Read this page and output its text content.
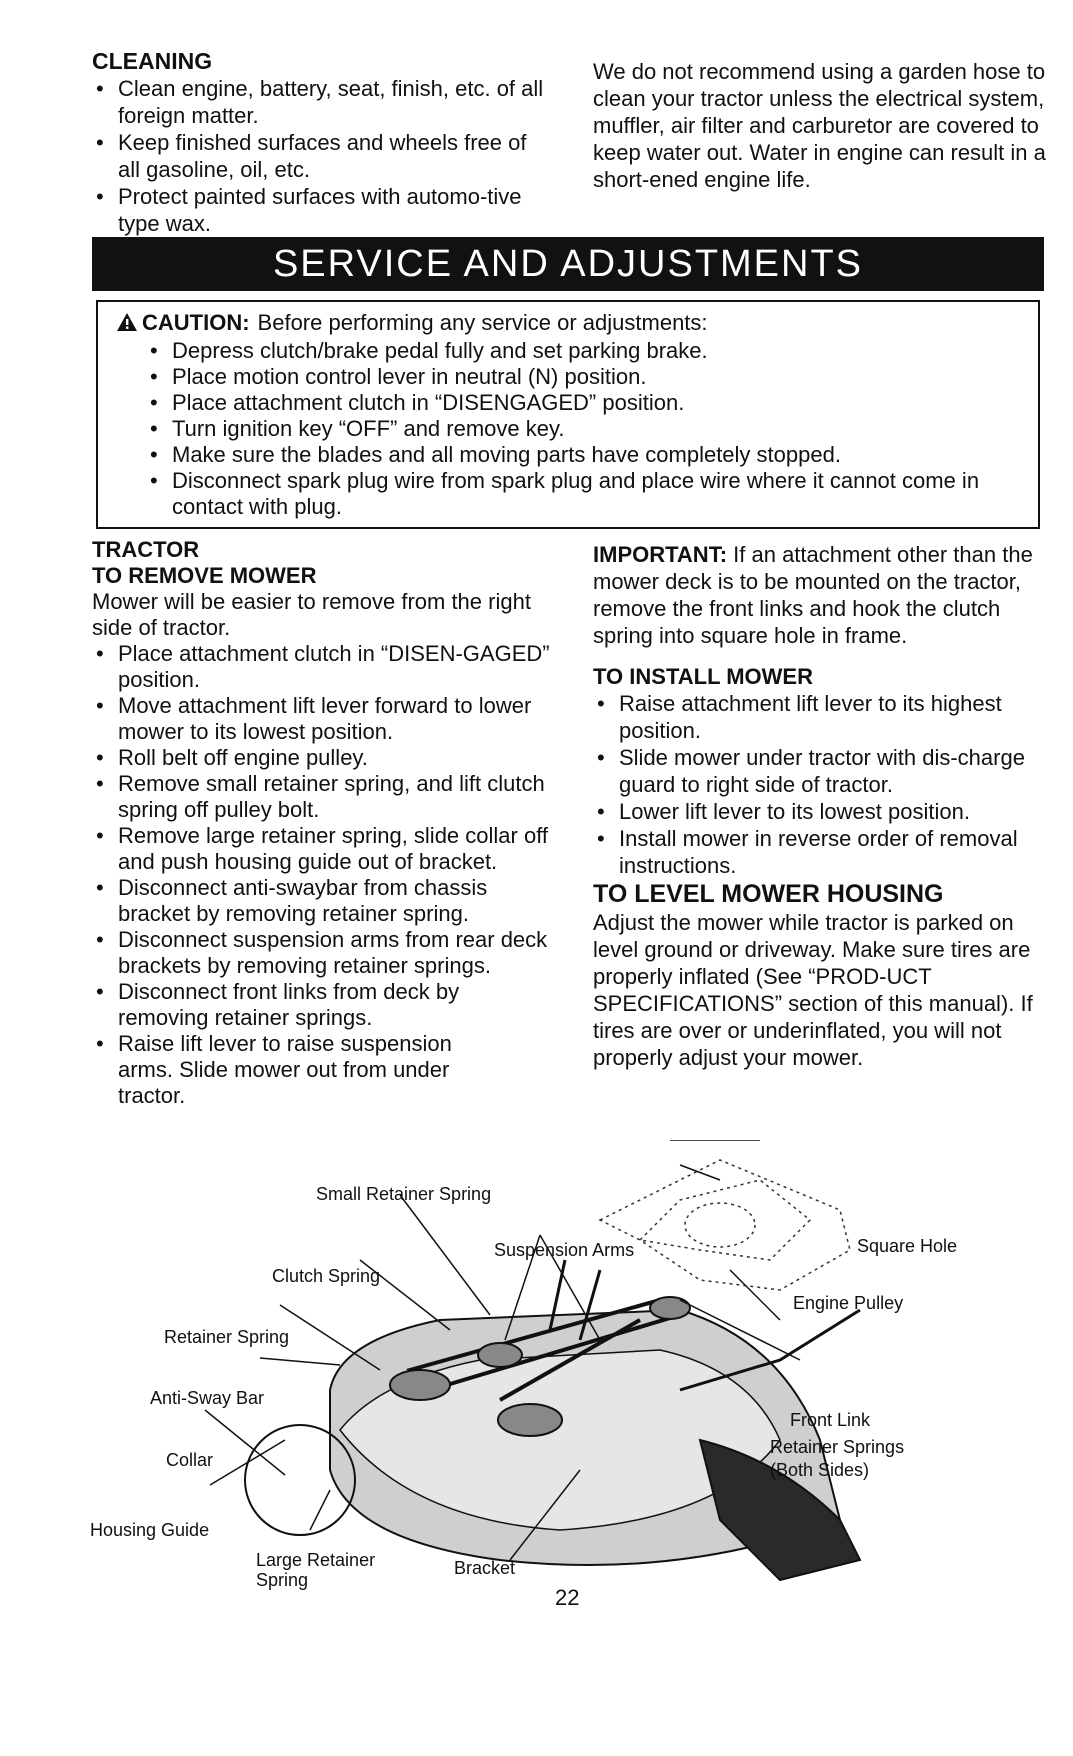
CLEANING
• Clean engine, battery, seat, finish, etc. of all foreign matter.
• Keep finished surfaces and wheels free of all gasoline, oil, etc.
• Protect painted surfaces with automo-tive type wax.
We do not recommend using a garden hose to clean your tractor unless the electrical system, muffler, air filter and carburetor are covered to keep water out. Water in engine can result in a short-ened engine life.
SERVICE AND ADJUSTMENTS
CAUTION: Before performing any service or adjustments:
• Depress clutch/brake pedal fully and set parking brake.
• Place motion control lever in neutral (N) position.
• Place attachment clutch in “DISENGAGED” position.
• Turn ignition key “OFF” and remove key.
• Make sure the blades and all moving parts have completely stopped.
• Disconnect spark plug wire from spark plug and place wire where it cannot come in contact with plug.
TRACTOR
TO REMOVE MOWER

Mower will be easier to remove from the right side of tractor.

• Place attachment clutch in “DISEN-GAGED” position.
• Move attachment lift lever forward to lower mower to its lowest position.
• Roll belt off engine pulley.
• Remove small retainer spring, and lift clutch spring off pulley bolt.
• Remove large retainer spring, slide collar off and push housing guide out of bracket.
• Disconnect anti-swaybar from chassis bracket by removing retainer spring.
• Disconnect suspension arms from rear deck brackets by removing retainer springs.
• Disconnect front links from deck by removing retainer springs.
• Raise lift lever to raise suspension arms. Slide mower out from under tractor.

IMPORTANT: If an attachment other than the mower deck is to be mounted on the tractor, remove the front links and hook the clutch spring into square hole in frame.

TO INSTALL MOWER
• Raise attachment lift lever to its highest position.
• Slide mower under tractor with dis-charge guard to right side of tractor.
• Lower lift lever to its lowest position.
• Install mower in reverse order of removal instructions.
TO LEVEL MOWER HOUSING

Adjust the mower while tractor is parked on level ground or driveway. Make sure tires are properly inflated (See “PROD-UCT SPECIFICATIONS” section of this manual). If tires are over or underinflated, you will not properly adjust your mower.

Small Retainer Spring
Suspension Arms	Square Hole
Clutch Spring
Engine Pulley
Retainer Spring
Anti-Sway Bar
Front Link
Retainer Springs
(Both Sides)
Collar
Housing Guide
Large Retainer
Spring
Bracket
22
